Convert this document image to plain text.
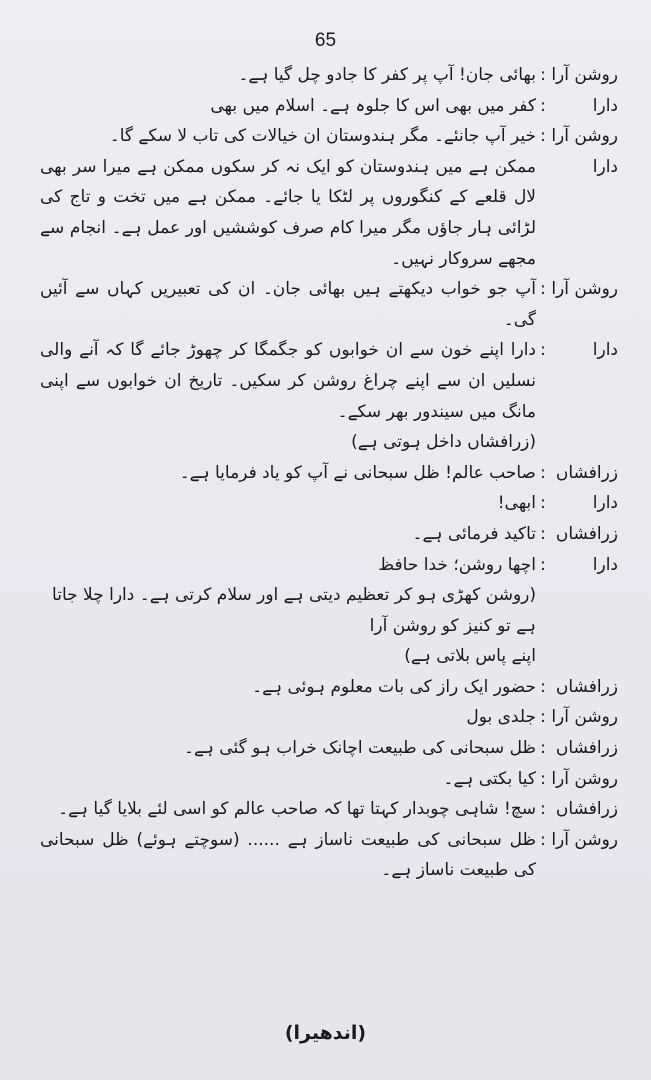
65
روشن آرا
:
بھائی جان! آپ پر کفر کا جادو چل گیا ہے۔
دارا
:
کفر میں بھی اس کا جلوہ ہے۔ اسلام میں بھی
روشن آرا
:
خیر آپ جانئے۔ مگر ہندوستان ان خیالات کی تاب لا سکے گا۔
دارا
ممکن ہے میں ہندوستان کو ایک نہ کر سکوں ممکن ہے میرا سر بھی لال قلعے کے کنگوروں پر لٹکا یا جائے۔ ممکن ہے میں تخت و تاج کی لڑائی ہار جاؤں مگر میرا کام صرف کوششیں اور عمل ہے۔ انجام سے مجھے سروکار نہیں۔
روشن آرا
:
آپ جو خواب دیکھتے ہیں بھائی جان۔ ان کی تعبیریں کہاں سے آئیں گی۔
دارا
:
دارا اپنے خون سے ان خوابوں کو جگمگا کر چھوڑ جائے گا کہ آنے والی نسلیں ان سے اپنے چراغ روشن کر سکیں۔ تاریخ ان خوابوں سے اپنی مانگ میں سیندور بھر سکے۔
(زرافشاں داخل ہوتی ہے)
زرافشاں
:
صاحب عالم! ظل سبحانی نے آپ کو یاد فرمایا ہے۔
دارا
:
ابھی!
زرافشاں
:
تاکید فرمائی ہے۔
دارا
:
اچھا روشن؛ خدا حافظ
(روشن کھڑی ہو کر تعظیم دیتی ہے اور سلام کرتی ہے۔ دارا چلا جاتا ہے تو کنیز کو روشن آرا
اپنے پاس بلاتی ہے)
زرافشاں
:
حضور ایک راز کی بات معلوم ہوئی ہے۔
روشن آرا
:
جلدی بول
زرافشاں
:
ظل سبحانی کی طبیعت اچانک خراب ہو گئی ہے۔
روشن آرا
:
کیا بکتی ہے۔
زرافشاں
:
سچ! شاہی چوبدار کہتا تھا کہ صاحب عالم کو اسی لئے بلایا گیا ہے۔
روشن آرا
:
ظل سبحانی کی طبیعت ناساز ہے ...... (سوچتے ہوئے) ظل سبحانی کی طبیعت ناساز ہے۔
(اندھیرا)
